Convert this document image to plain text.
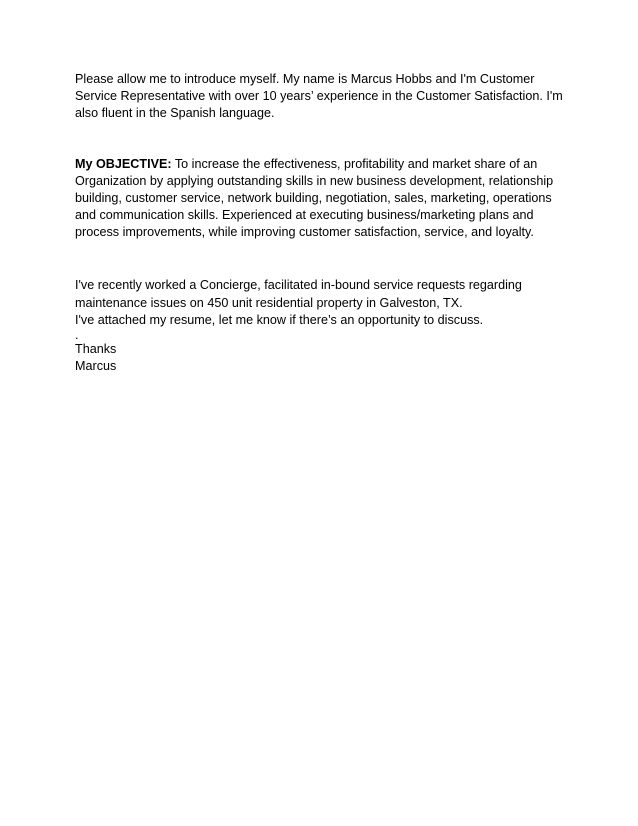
Please allow me to introduce myself. My name is Marcus Hobbs and I'm Customer
Service Representative with over 10 years’ experience in the Customer Satisfaction. I'm
also fluent in the Spanish language.

My OBJECTIVE: To increase the effectiveness, profitability and market share of an
Organization by applying outstanding skills in new business development, relationship
building, customer service, network building, negotiation, sales, marketing, operations
and communication skills. Experienced at executing business/marketing plans and
process improvements, while improving customer satisfaction, service, and loyalty.

I've recently worked a Concierge, facilitated in-bound service requests regarding
maintenance issues on 450 unit residential property in Galveston, TX.
I've attached my resume, let me know if there’s an opportunity to discuss.
.
Thanks
Marcus
